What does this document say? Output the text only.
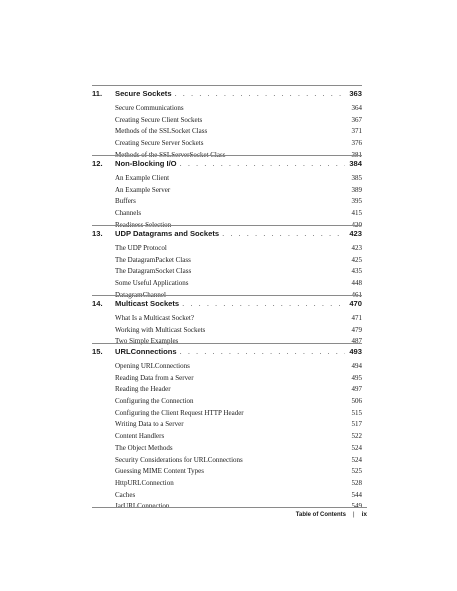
11.	Secure Sockets . . .	363
Secure Communications	364
Creating Secure Client Sockets	367
Methods of the SSLSocket Class	371
Creating Secure Server Sockets	376
Methods of the SSLServerSocket Class	381
12.	Non-Blocking I/O . . .	384
An Example Client	385
An Example Server	389
Buffers	395
Channels	415
Readiness Selection	420
13.	UDP Datagrams and Sockets . . .	423
The UDP Protocol	423
The DatagramPacket Class	425
The DatagramSocket Class	435
Some Useful Applications	448
DatagramChannel	461
14.	Multicast Sockets . . .	470
What Is a Multicast Socket?	471
Working with Multicast Sockets	479
Two Simple Examples	487
15.	URLConnections . . .	493
Opening URLConnections	494
Reading Data from a Server	495
Reading the Header	497
Configuring the Connection	506
Configuring the Client Request HTTP Header	515
Writing Data to a Server	517
Content Handlers	522
The Object Methods	524
Security Considerations for URLConnections	524
Guessing MIME Content Types	525
HttpURLConnection	528
Caches	544
JarURLConnection	549
Table of Contents | ix
